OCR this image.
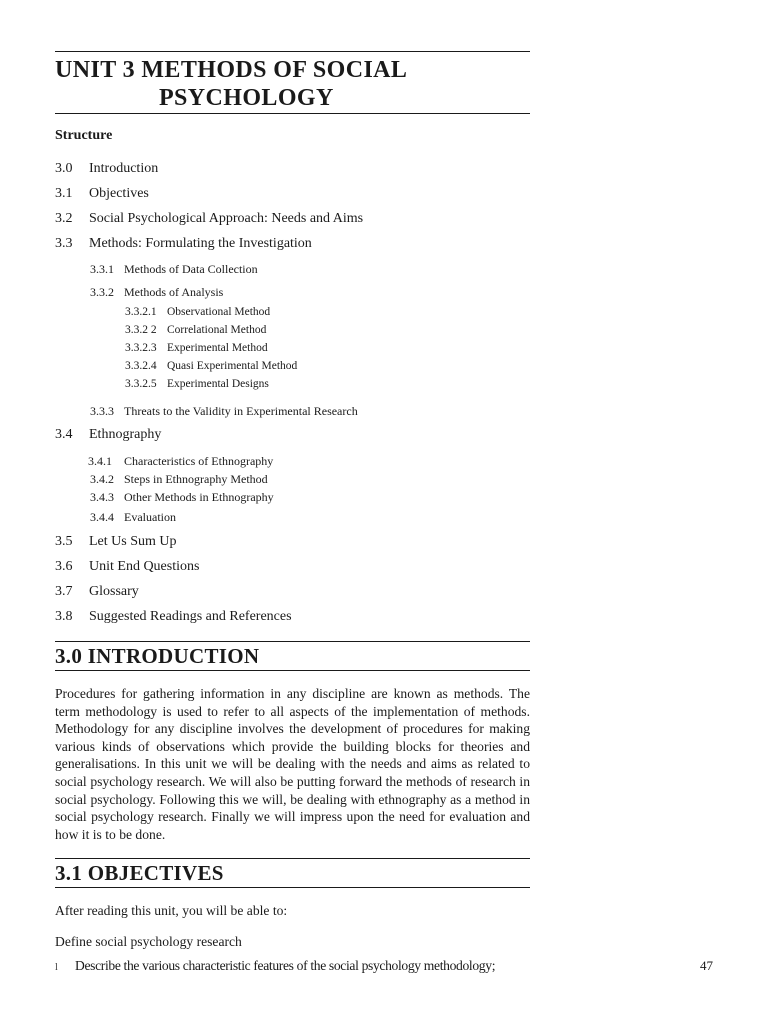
UNIT 3 METHODS OF SOCIAL
PSYCHOLOGY
Structure
3.0 Introduction
3.1 Objectives
3.2 Social Psychological Approach: Needs and Aims
3.3 Methods: Formulating the Investigation
3.3.1 Methods of Data Collection
3.3.2 Methods of Analysis
3.3.2.1 Observational Method
3.3.2 2 Correlational Method
3.3.2.3 Experimental Method
3.3.2.4 Quasi Experimental Method
3.3.2.5 Experimental Designs
3.3.3 Threats to the Validity in Experimental Research
3.4 Ethnography
3.4.1 Characteristics of Ethnography
3.4.2 Steps in Ethnography Method
3.4.3 Other Methods in Ethnography
3.4.4 Evaluation
3.5 Let Us Sum Up
3.6 Unit End Questions
3.7 Glossary
3.8 Suggested Readings and References
3.0 INTRODUCTION

Procedures for gathering information in any discipline are known as methods. The term methodology is used to refer to all aspects of the implementation of methods. Methodology for any discipline involves the development of procedures for making various kinds of observations which provide the building blocks for theories and generalisations. In this unit we will be dealing with the needs and aims as related to social psychology research. We will also be putting forward the methods of research in social psychology. Following this we will, be dealing with ethnography as a method in social psychology research. Finally we will impress upon the need for evaluation and how it is to be done.

3.1 OBJECTIVES
After reading this unit, you will be able to:
Define social psychology research
l Describe the various characteristic features of the social psychology methodology;	47
